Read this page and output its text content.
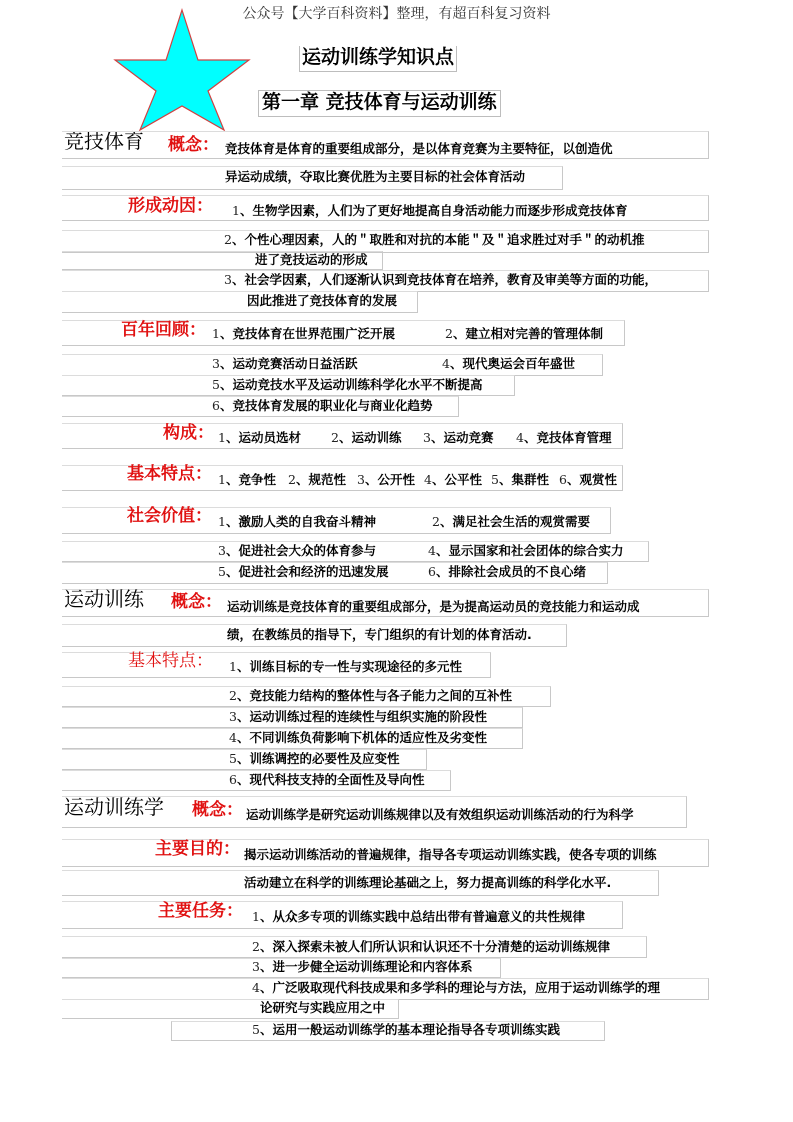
公众号【大学百科资料】整理，有超百科复习资料
运动训练学知识点
第一章 竞技体育与运动训练
竞技体育 概念： 竞技体育是体育的重要组成部分，是以体育竞赛为主要特征，以创造优
异运动成绩，夺取比赛优胜为主要目标的社会体育活动
形成动因： 1、生物学因素，人们为了更好地提高自身活动能力而逐步形成竞技体育
2、个性心理因素，人的＂取胜和对抗的本能＂及＂追求胜过对手＂的动机推
进了竞技运动的形成
3、社会学因素，人们逐渐认识到竞技体育在培养，教育及审美等方面的功能，
因此推进了竞技体育的发展
百年回顾： 1、竞技体育在世界范围广泛开展	2、建立相对完善的管理体制
3、运动竞赛活动日益活跃	4、现代奥运会百年盛世
5、运动竞技水平及运动训练科学化水平不断提高
6、竞技体育发展的职业化与商业化趋势
构成： 1、运动员选材 2、运动训练 3、运动竞赛 4、竞技体育管理
基本特点： 1、竞争性 2、规范性 3、公开性 4、公平性 5、集群性 6、观赏性
社会价值： 1、激励人类的自我奋斗精神	2、满足社会生活的观赏需要
3、促进社会大众的体育参与	4、显示国家和社会团体的综合实力
5、促进社会和经济的迅速发展	6、排除社会成员的不良心绪
运动训练 概念： 运动训练是竞技体育的重要组成部分，是为提高运动员的竞技能力和运动成
绩，在教练员的指导下，专门组织的有计划的体育活动.
基本特点： 1、训练目标的专一性与实现途径的多元性
2、竞技能力结构的整体性与各子能力之间的互补性
3、运动训练过程的连续性与组织实施的阶段性
4、不同训练负荷影响下机体的适应性及劣变性
5、训练调控的必要性及应变性
6、现代科技支持的全面性及导向性
运动训练学 概念： 运动训练学是研究运动训练规律以及有效组织运动训练活动的行为科学
主要目的： 揭示运动训练活动的普遍规律，指导各专项运动训练实践，使各专项的训练
活动建立在科学的训练理论基础之上，努力提高训练的科学化水平.
主要任务： 1、从众多专项的训练实践中总结出带有普遍意义的共性规律
2、深入探索未被人们所认识和认识还不十分清楚的运动训练规律
3、进一步健全运动训练理论和内容体系
4、广泛吸取现代科技成果和多学科的理论与方法，应用于运动训练学的理
论研究与实践应用之中
5、运用一般运动训练学的基本理论指导各专项训练实践
